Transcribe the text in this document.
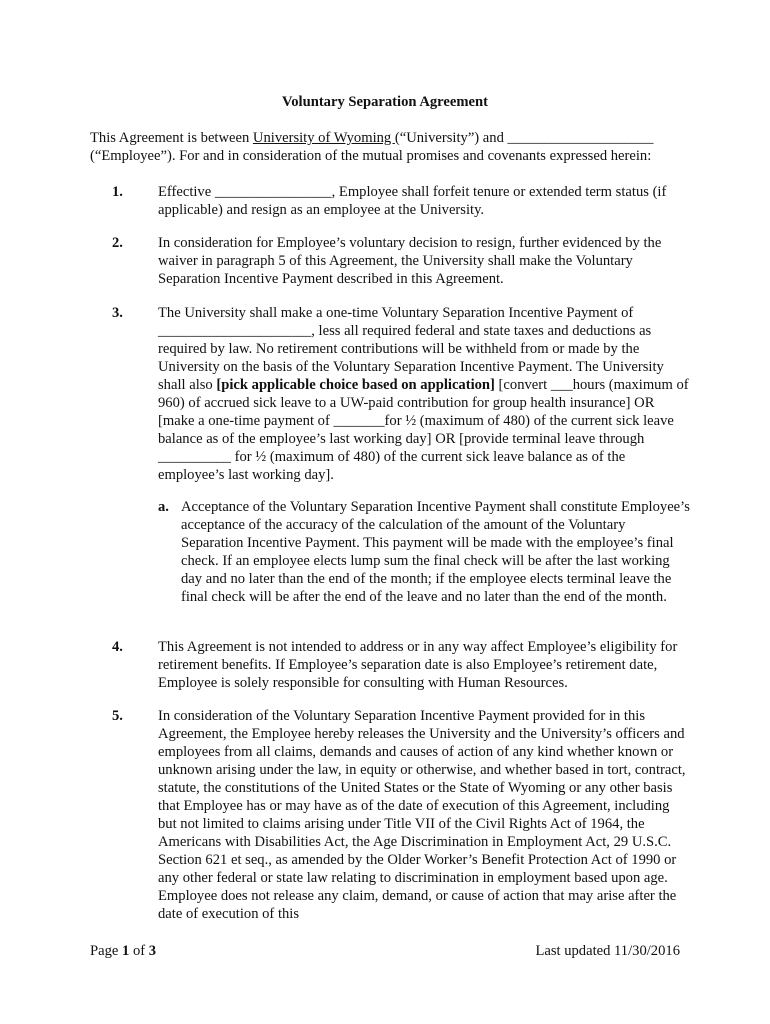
Voluntary Separation Agreement
This Agreement is between University of Wyoming (“University”) and ____________________
(“Employee”). For and in consideration of the mutual promises and covenants expressed herein:
1. Effective ________________, Employee shall forfeit tenure or extended term status (if applicable) and resign as an employee at the University.
2. In consideration for Employee’s voluntary decision to resign, further evidenced by the waiver in paragraph 5 of this Agreement, the University shall make the Voluntary Separation Incentive Payment described in this Agreement.
3. The University shall make a one-time Voluntary Separation Incentive Payment of _____________________, less all required federal and state taxes and deductions as required by law. No retirement contributions will be withheld from or made by the University on the basis of the Voluntary Separation Incentive Payment. The University shall also [pick applicable choice based on application] [convert ___hours (maximum of 960) of accrued sick leave to a UW-paid contribution for group health insurance] OR [make a one-time payment of _______for ½ (maximum of 480) of the current sick leave balance as of the employee’s last working day] OR [provide terminal leave through __________ for ½ (maximum of 480) of the current sick leave balance as of the employee’s last working day].
a. Acceptance of the Voluntary Separation Incentive Payment shall constitute Employee’s acceptance of the accuracy of the calculation of the amount of the Voluntary Separation Incentive Payment. This payment will be made with the employee’s final check. If an employee elects lump sum the final check will be after the last working day and no later than the end of the month; if the employee elects terminal leave the final check will be after the end of the leave and no later than the end of the month.
4. This Agreement is not intended to address or in any way affect Employee’s eligibility for retirement benefits. If Employee’s separation date is also Employee’s retirement date, Employee is solely responsible for consulting with Human Resources.
5. In consideration of the Voluntary Separation Incentive Payment provided for in this Agreement, the Employee hereby releases the University and the University’s officers and employees from all claims, demands and causes of action of any kind whether known or unknown arising under the law, in equity or otherwise, and whether based in tort, contract, statute, the constitutions of the United States or the State of Wyoming or any other basis that Employee has or may have as of the date of execution of this Agreement, including but not limited to claims arising under Title VII of the Civil Rights Act of 1964, the Americans with Disabilities Act, the Age Discrimination in Employment Act, 29 U.S.C. Section 621 et seq., as amended by the Older Worker’s Benefit Protection Act of 1990 or any other federal or state law relating to discrimination in employment based upon age. Employee does not release any claim, demand, or cause of action that may arise after the date of execution of this
Page 1 of 3	Last updated 11/30/2016
